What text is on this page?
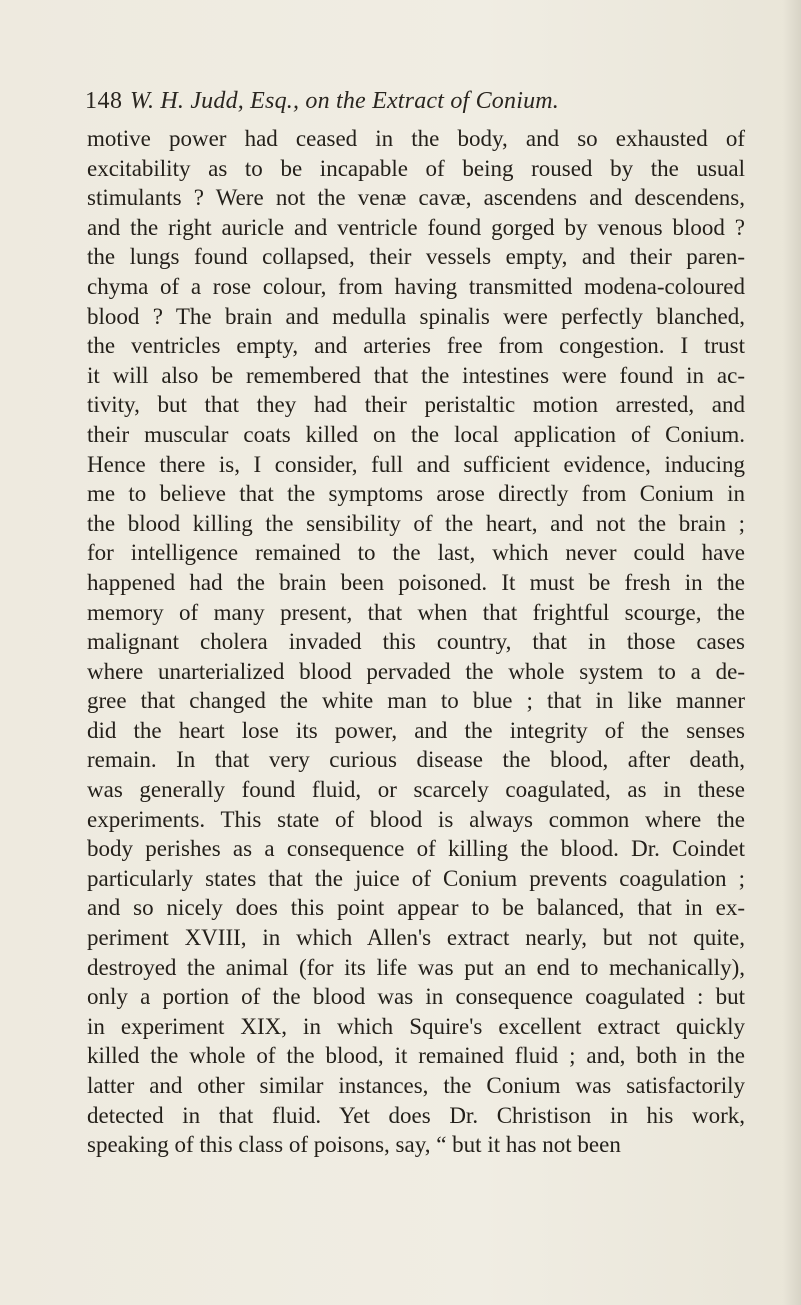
148 W. H. Judd, Esq., on the Extract of Conium.
motive power had ceased in the body, and so exhausted of
excitability as to be incapable of being roused by the usual
stimulants ? Were not the venæ cavæ, ascendens and descendens,
and the right auricle and ventricle found gorged by venous blood ?
the lungs found collapsed, their vessels empty, and their paren-
chyma of a rose colour, from having transmitted modena-coloured
blood ? The brain and medulla spinalis were perfectly blanched,
the ventricles empty, and arteries free from congestion. I trust
it will also be remembered that the intestines were found in ac-
tivity, but that they had their peristaltic motion arrested, and
their muscular coats killed on the local application of Conium.
Hence there is, I consider, full and sufficient evidence, inducing
me to believe that the symptoms arose directly from Conium in
the blood killing the sensibility of the heart, and not the brain ;
for intelligence remained to the last, which never could have
happened had the brain been poisoned. It must be fresh in the
memory of many present, that when that frightful scourge, the
malignant cholera invaded this country, that in those cases
where unarterialized blood pervaded the whole system to a de-
gree that changed the white man to blue ; that in like manner
did the heart lose its power, and the integrity of the senses
remain. In that very curious disease the blood, after death,
was generally found fluid, or scarcely coagulated, as in these
experiments. This state of blood is always common where the
body perishes as a consequence of killing the blood. Dr. Coindet
particularly states that the juice of Conium prevents coagulation ;
and so nicely does this point appear to be balanced, that in ex-
periment XVIII, in which Allen's extract nearly, but not quite,
destroyed the animal (for its life was put an end to mechanically),
only a portion of the blood was in consequence coagulated : but
in experiment XIX, in which Squire's excellent extract quickly
killed the whole of the blood, it remained fluid ; and, both in the
latter and other similar instances, the Conium was satisfactorily
detected in that fluid. Yet does Dr. Christison in his work,
speaking of this class of poisons, say, “ but it has not been
